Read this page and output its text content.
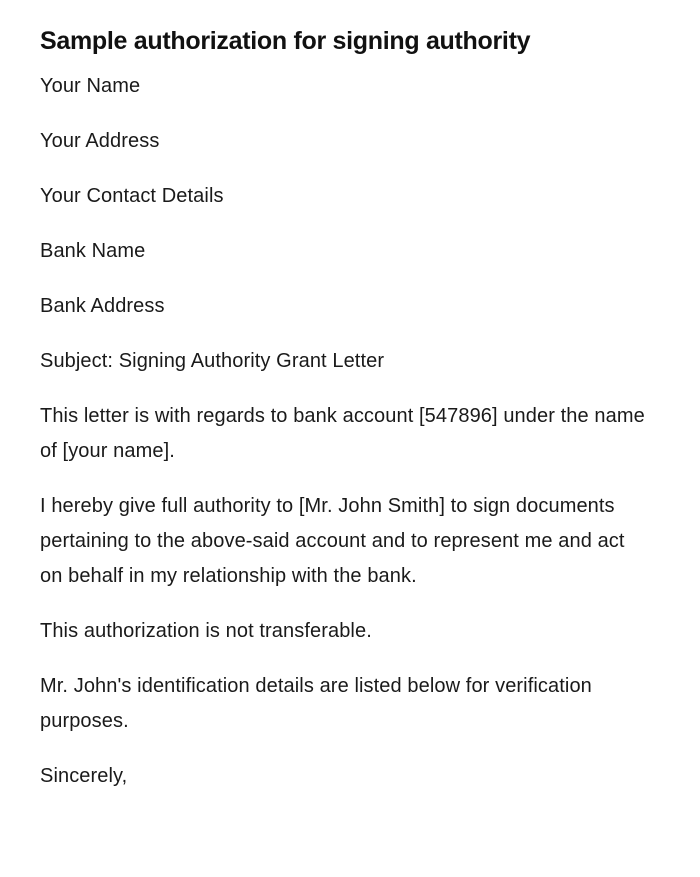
Sample authorization for signing authority

Your Name

Your Address

Your Contact Details

Bank Name

Bank Address

Subject: Signing Authority Grant Letter

This letter is with regards to bank account [547896] under the name of [your name].

I hereby give full authority to [Mr. John Smith] to sign documents pertaining to the above-said account and to represent me and act on behalf in my relationship with the bank.

This authorization is not transferable.

Mr. John's identification details are listed below for verification purposes.

Sincerely,
